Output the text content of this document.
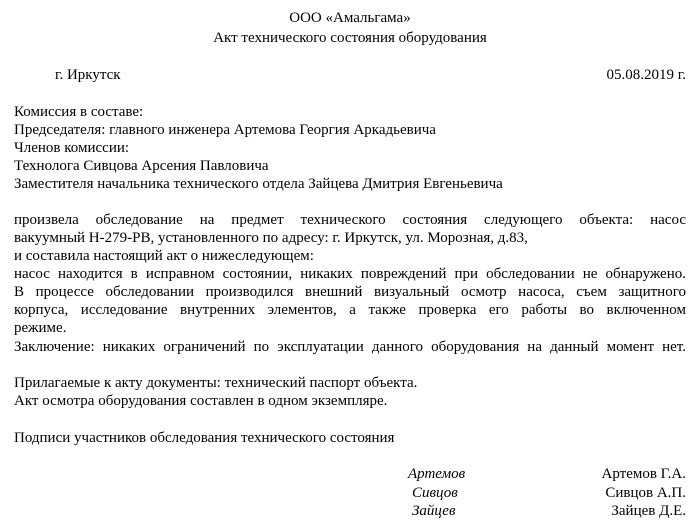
ООО «Амальгама»
Акт технического состояния оборудования
г. Иркутск	05.08.2019 г.
Комиссия в составе:
Председателя: главного инженера Артемова Георгия Аркадьевича
Членов комиссии:
Технолога Сивцова Арсения Павловича
Заместителя начальника технического отдела Зайцева Дмитрия Евгеньевича
произвела обследование на предмет технического состояния следующего объекта: насос
вакуумный Н-279-РВ, установленного по адресу: г. Иркутск, ул. Морозная, д.83,
и составила настоящий акт о нижеследующем:
насос находится в исправном состоянии, никаких повреждений при обследовании не обнаружено.
В процессе обследовании производился внешний визуальный осмотр насоса, съем защитного
корпуса, исследование внутренних элементов, а также проверка его работы во включенном
режиме.
Заключение: никаких ограничений по эксплуатации данного оборудования на данный момент нет.
Прилагаемые к акту документы: технический паспорт объекта.
Акт осмотра оборудования составлен в одном экземпляре.
Подписи участников обследования технического состояния
Артемов	Артемов Г.А.
Сивцов	Сивцов А.П.
Зайцев	Зайцев Д.Е.
